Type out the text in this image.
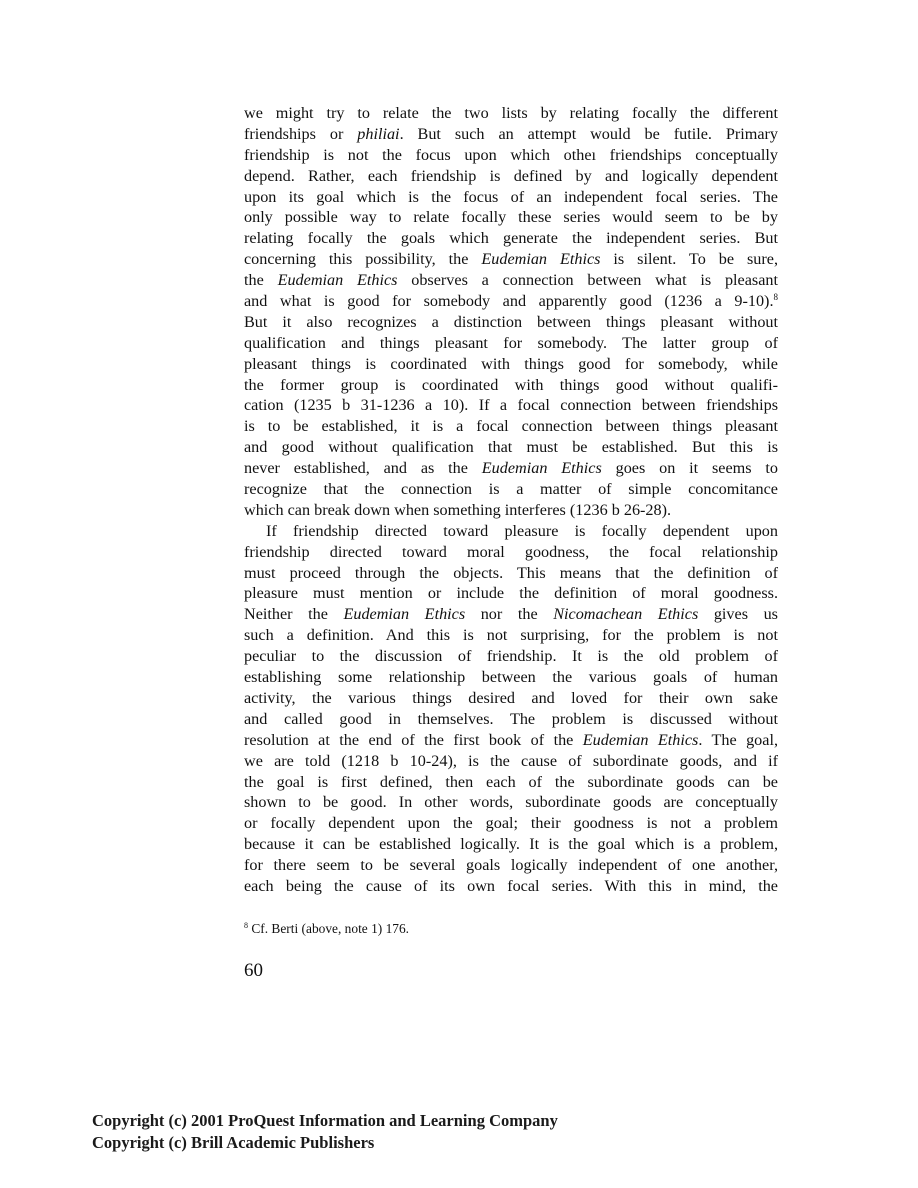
we might try to relate the two lists by relating focally the different
friendships or philiai. But such an attempt would be futile. Primary
friendship is not the focus upon which otheı friendships conceptually
depend. Rather, each friendship is defined by and logically dependent
upon its goal which is the focus of an independent focal series. The
only possible way to relate focally these series would seem to be by
relating focally the goals which generate the independent series. But
concerning this possibility, the Eudemian Ethics is silent. To be sure,
the Eudemian Ethics observes a connection between what is pleasant
and what is good for somebody and apparently good (1236 a 9-10).$^8$
But it also recognizes a distinction between things pleasant without
qualification and things pleasant for somebody. The latter group of
pleasant things is coordinated with things good for somebody, while
the former group is coordinated with things good without qualifi-
cation (1235 b 31-1236 a 10). If a focal connection between friendships
is to be established, it is a focal connection between things pleasant
and good without qualification that must be established. But this is
never established, and as the Eudemian Ethics goes on it seems to
recognize that the connection is a matter of simple concomitance
which can break down when something interferes (1236 b 26-28).
If friendship directed toward pleasure is focally dependent upon
friendship directed toward moral goodness, the focal relationship
must proceed through the objects. This means that the definition of
pleasure must mention or include the definition of moral goodness.
Neither the Eudemian Ethics nor the Nicomachean Ethics gives us
such a definition. And this is not surprising, for the problem is not
peculiar to the discussion of friendship. It is the old problem of
establishing some relationship between the various goals of human
activity, the various things desired and loved for their own sake
and called good in themselves. The problem is discussed without
resolution at the end of the first book of the Eudemian Ethics. The goal,
we are told (1218 b 10-24), is the cause of subordinate goods, and if
the goal is first defined, then each of the subordinate goods can be
shown to be good. In other words, subordinate goods are conceptually
or focally dependent upon the goal; their goodness is not a problem
because it can be established logically. It is the goal which is a problem,
for there seem to be several goals logically independent of one another,
each being the cause of its own focal series. With this in mind, the
$^8$ Cf. Berti (above, note 1) 176.
60
Copyright (c) 2001 ProQuest Information and Learning Company
Copyright (c) Brill Academic Publishers
